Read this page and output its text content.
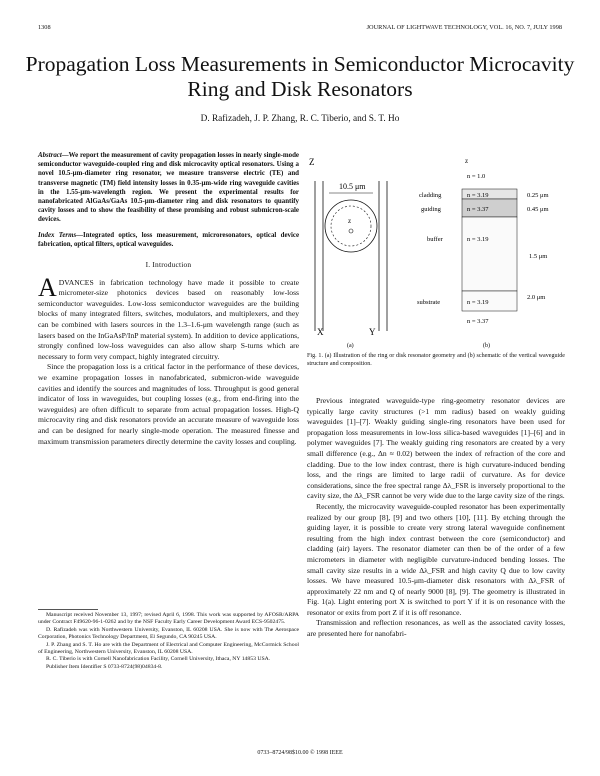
1308	JOURNAL OF LIGHTWAVE TECHNOLOGY, VOL. 16, NO. 7, JULY 1998
Propagation Loss Measurements in Semiconductor Microcavity Ring and Disk Resonators
D. Rafizadeh, J. P. Zhang, R. C. Tiberio, and S. T. Ho

Abstract—We report the measurement of cavity propagation losses in nearly single-mode semiconductor waveguide-coupled ring and disk microcavity optical resonators. Using a novel 10.5-μm-diameter ring resonator, we measure transverse electric (TE) and transverse magnetic (TM) field intensity losses in 0.35-μm-wide ring waveguide cavities in the 1.55-μm-wavelength region. We present the experimental results for nanofabricated AlGaAs/GaAs 10.5-μm-diameter ring and disk resonators to quantify cavity losses and to show the feasibility of these promising and robust submicron-scale devices.

Index Terms—Integrated optics, loss measurement, microresonators, optical device fabrication, optical filters, optical waveguides.

I. Introduction

ADVANCES in fabrication technology have made it possible to create micrometer-size photonics devices based on reasonably low-loss semiconductor waveguides. Low-loss semiconductor waveguides are the building blocks of many integrated filters, switches, modulators, and multiplexers, and they can be combined with lasers sources in the 1.3–1.6-μm wavelength range (such as lasers based on the InGaAsP/InP material system). In addition to device applications, strongly confined low-loss waveguides can also allow sharp S-turns which are necessary to form very compact, highly integrated circuitry.

Since the propagation loss is a critical factor in the performance of these devices, we examine propagation losses in nanofabricated, submicron-wide waveguide cavities and identify the sources and magnitudes of loss. Throughput is good general indicator of loss in waveguides, but coupling losses (e.g., from end-firing into the waveguides) are often difficult to separate from actual propagation losses. High-Q microcavity ring and disk resonators provide an accurate measure of waveguide loss and can be designed for nearly single-mode operation. The measured finesse and maximum transmission parameters directly determine the cavity losses and coupling.

Manuscript received November 13, 1997; revised April 6, 1998. This work was supported by AFOSR/ARPA under Contract F49620-96-1-0262 and by the NSF Faculty Early Career Development Award ECS-9502475.

D. Rafizadeh was with Northwestern University, Evanston, IL 60208 USA. She is now with The Aerospace Corporation, Photonics Technology Department, El Segundo, CA 90245 USA.

J. P. Zhang and S. T. Ho are with the Department of Electrical and Computer Engineering, McCormick School of Engineering, Northwestern University, Evanston, IL 60208 USA.

R. C. Tiberio is with Cornell Nanofabrication Facility, Cornell University, Ithaca, NY 14853 USA.

Publisher Item Identifier S 0733-8724(98)04834-8.

10.5 μm
z
Z
X	Y
(a)
z
n = 1.0
cladding	n = 3.19
guiding	n = 3.37
buffer	n = 3.19
substrate	n = 3.19
n = 3.37
0.25 μm
0.45 μm
1.5 μm
2.0 μm
(b)
Fig. 1. (a) Illustration of the ring or disk resonator geometry and (b) schematic of the vertical waveguide structure and composition.

Previous integrated waveguide-type ring-geometry resonator devices are typically large cavity structures (>1 mm radius) based on weakly guiding waveguides [1]–[7]. Weakly guiding single-ring resonators have been used for propagation loss measurements in low-loss silica-based waveguides [1]–[6] and in polymer waveguides [7]. The weakly guiding ring resonators are created by a very small difference (e.g., Δn ≈ 0.02) between the index of refraction of the core and cladding. Due to the low index contrast, there is high curvature-induced bending loss, and the rings are limited to large radii of curvature. As for device considerations, since the free spectral range Δλ_FSR is inversely proportional to the cavity size, the Δλ_FSR cannot be very wide due to the large cavity size of the rings.

Recently, the microcavity waveguide-coupled resonator has been experimentally realized by our group [8], [9] and two others [10], [11]. By etching through the guiding layer, it is possible to create very strong lateral waveguide confinement resulting from the high index contrast between the core (semiconductor) and cladding (air) layers. The resonator diameter can then be of the order of a few micrometers in diameter with negligible curvature-induced bending losses. The small cavity size results in a wide Δλ_FSR and high cavity Q due to low cavity losses. We have measured 10.5-μm-diameter disk resonators with Δλ_FSR of approximately 22 nm and Q of nearly 9000 [8], [9]. The geometry is illustrated in Fig. 1(a). Light entering port X is switched to port Y if it is on resonance with the resonator or exits from port Z if it is off resonance.

Transmission and reflection resonances, as well as the associated cavity losses, are presented here for nanofabri-

0733–8724/98$10.00 © 1998 IEEE
